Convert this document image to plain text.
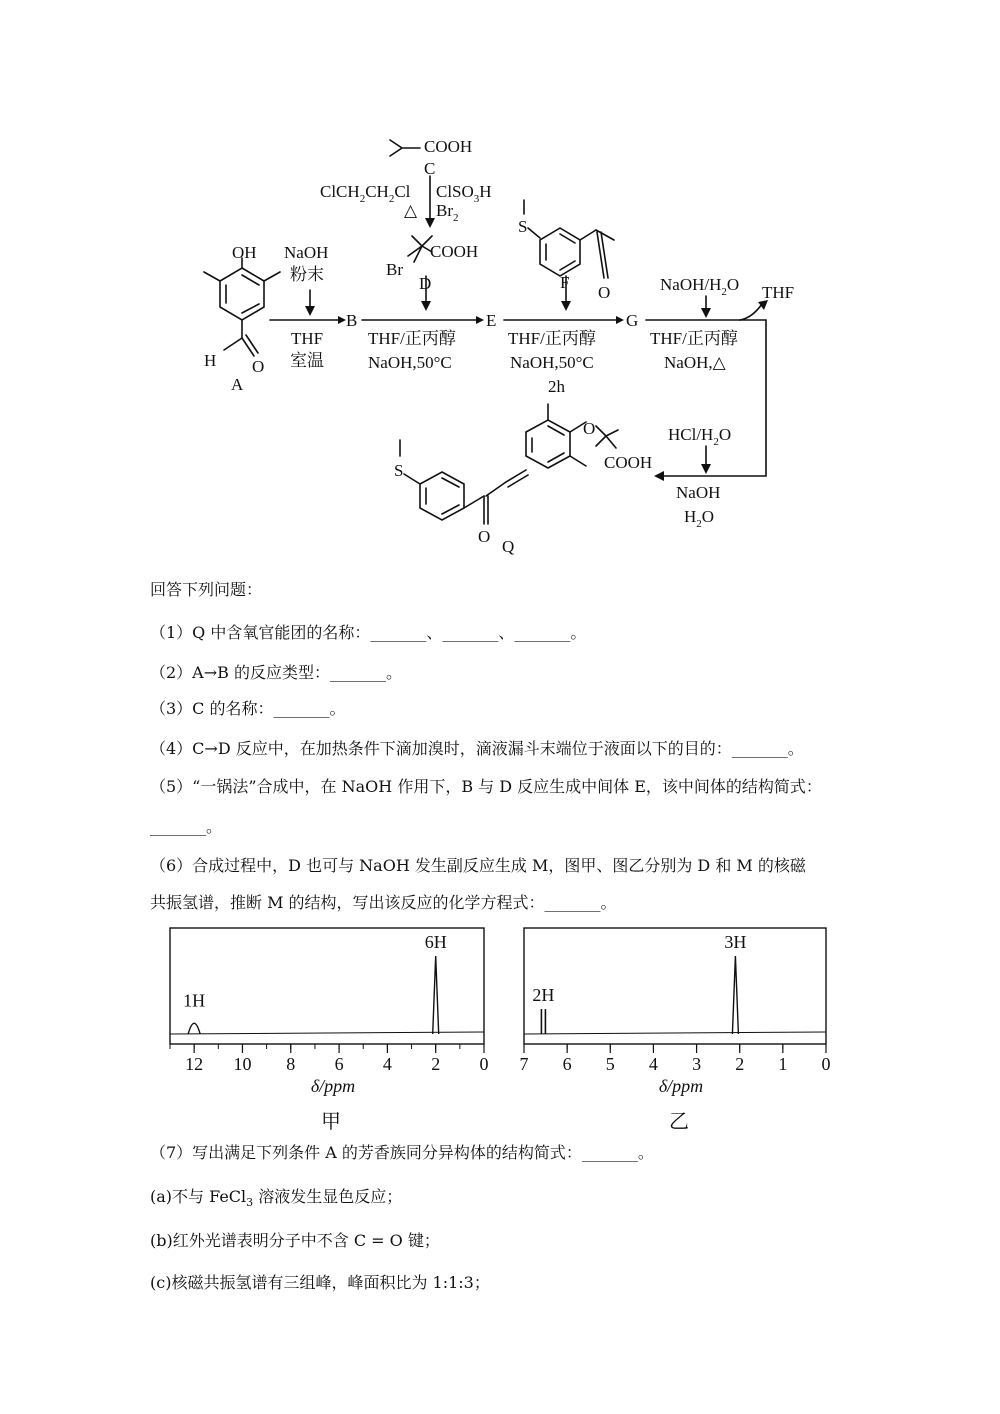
COOH
C
$ClCH_2CH_2Cl$ ClSO$_3$H
△ $Br_2$
COOH
Br
D
OH
H O
A
NaOH
粉末
THF
室温
B
THF/正丙醇
NaOH,50°C
E
S
O
F
THF/正丙醇
NaOH,50°C
2h
G
NaOH/$H_2O$ THF
THF/正丙醇
NaOH,△
HCl/$H_2O$
NaOH
$H_2O$
S
O
O
COOH
Q
回答下列问题：
（1）Q 中含氧官能团的名称：_______、_______、_______。
（2）A→B 的反应类型：_______。
（3）C 的名称：_______。
（4）C→D 反应中，在加热条件下滴加溴时，滴液漏斗末端位于液面以下的目的：_______。
（5）“一锅法”合成中，在 NaOH 作用下，B 与 D 反应生成中间体 E，该中间体的结构简式：
_______。
（6）合成过程中，D 也可与 NaOH 发生副反应生成 M，图甲、图乙分别为 D 和 M 的核磁
共振氢谱，推断 M 的结构，写出该反应的化学方程式：_______。
12 10 8 6 4 2 0
1H
6H
δ/ppm
甲
7 6 5 4 3 2 1 0
2H
3H
δ/ppm
乙
（7）写出满足下列条件 A 的芳香族同分异构体的结构简式：_______。
(a)不与 FeCl$_3$ 溶液发生显色反应；
(b)红外光谱表明分子中不含 C = O 键；
(c)核磁共振氢谱有三组峰，峰面积比为 1:1:3；
